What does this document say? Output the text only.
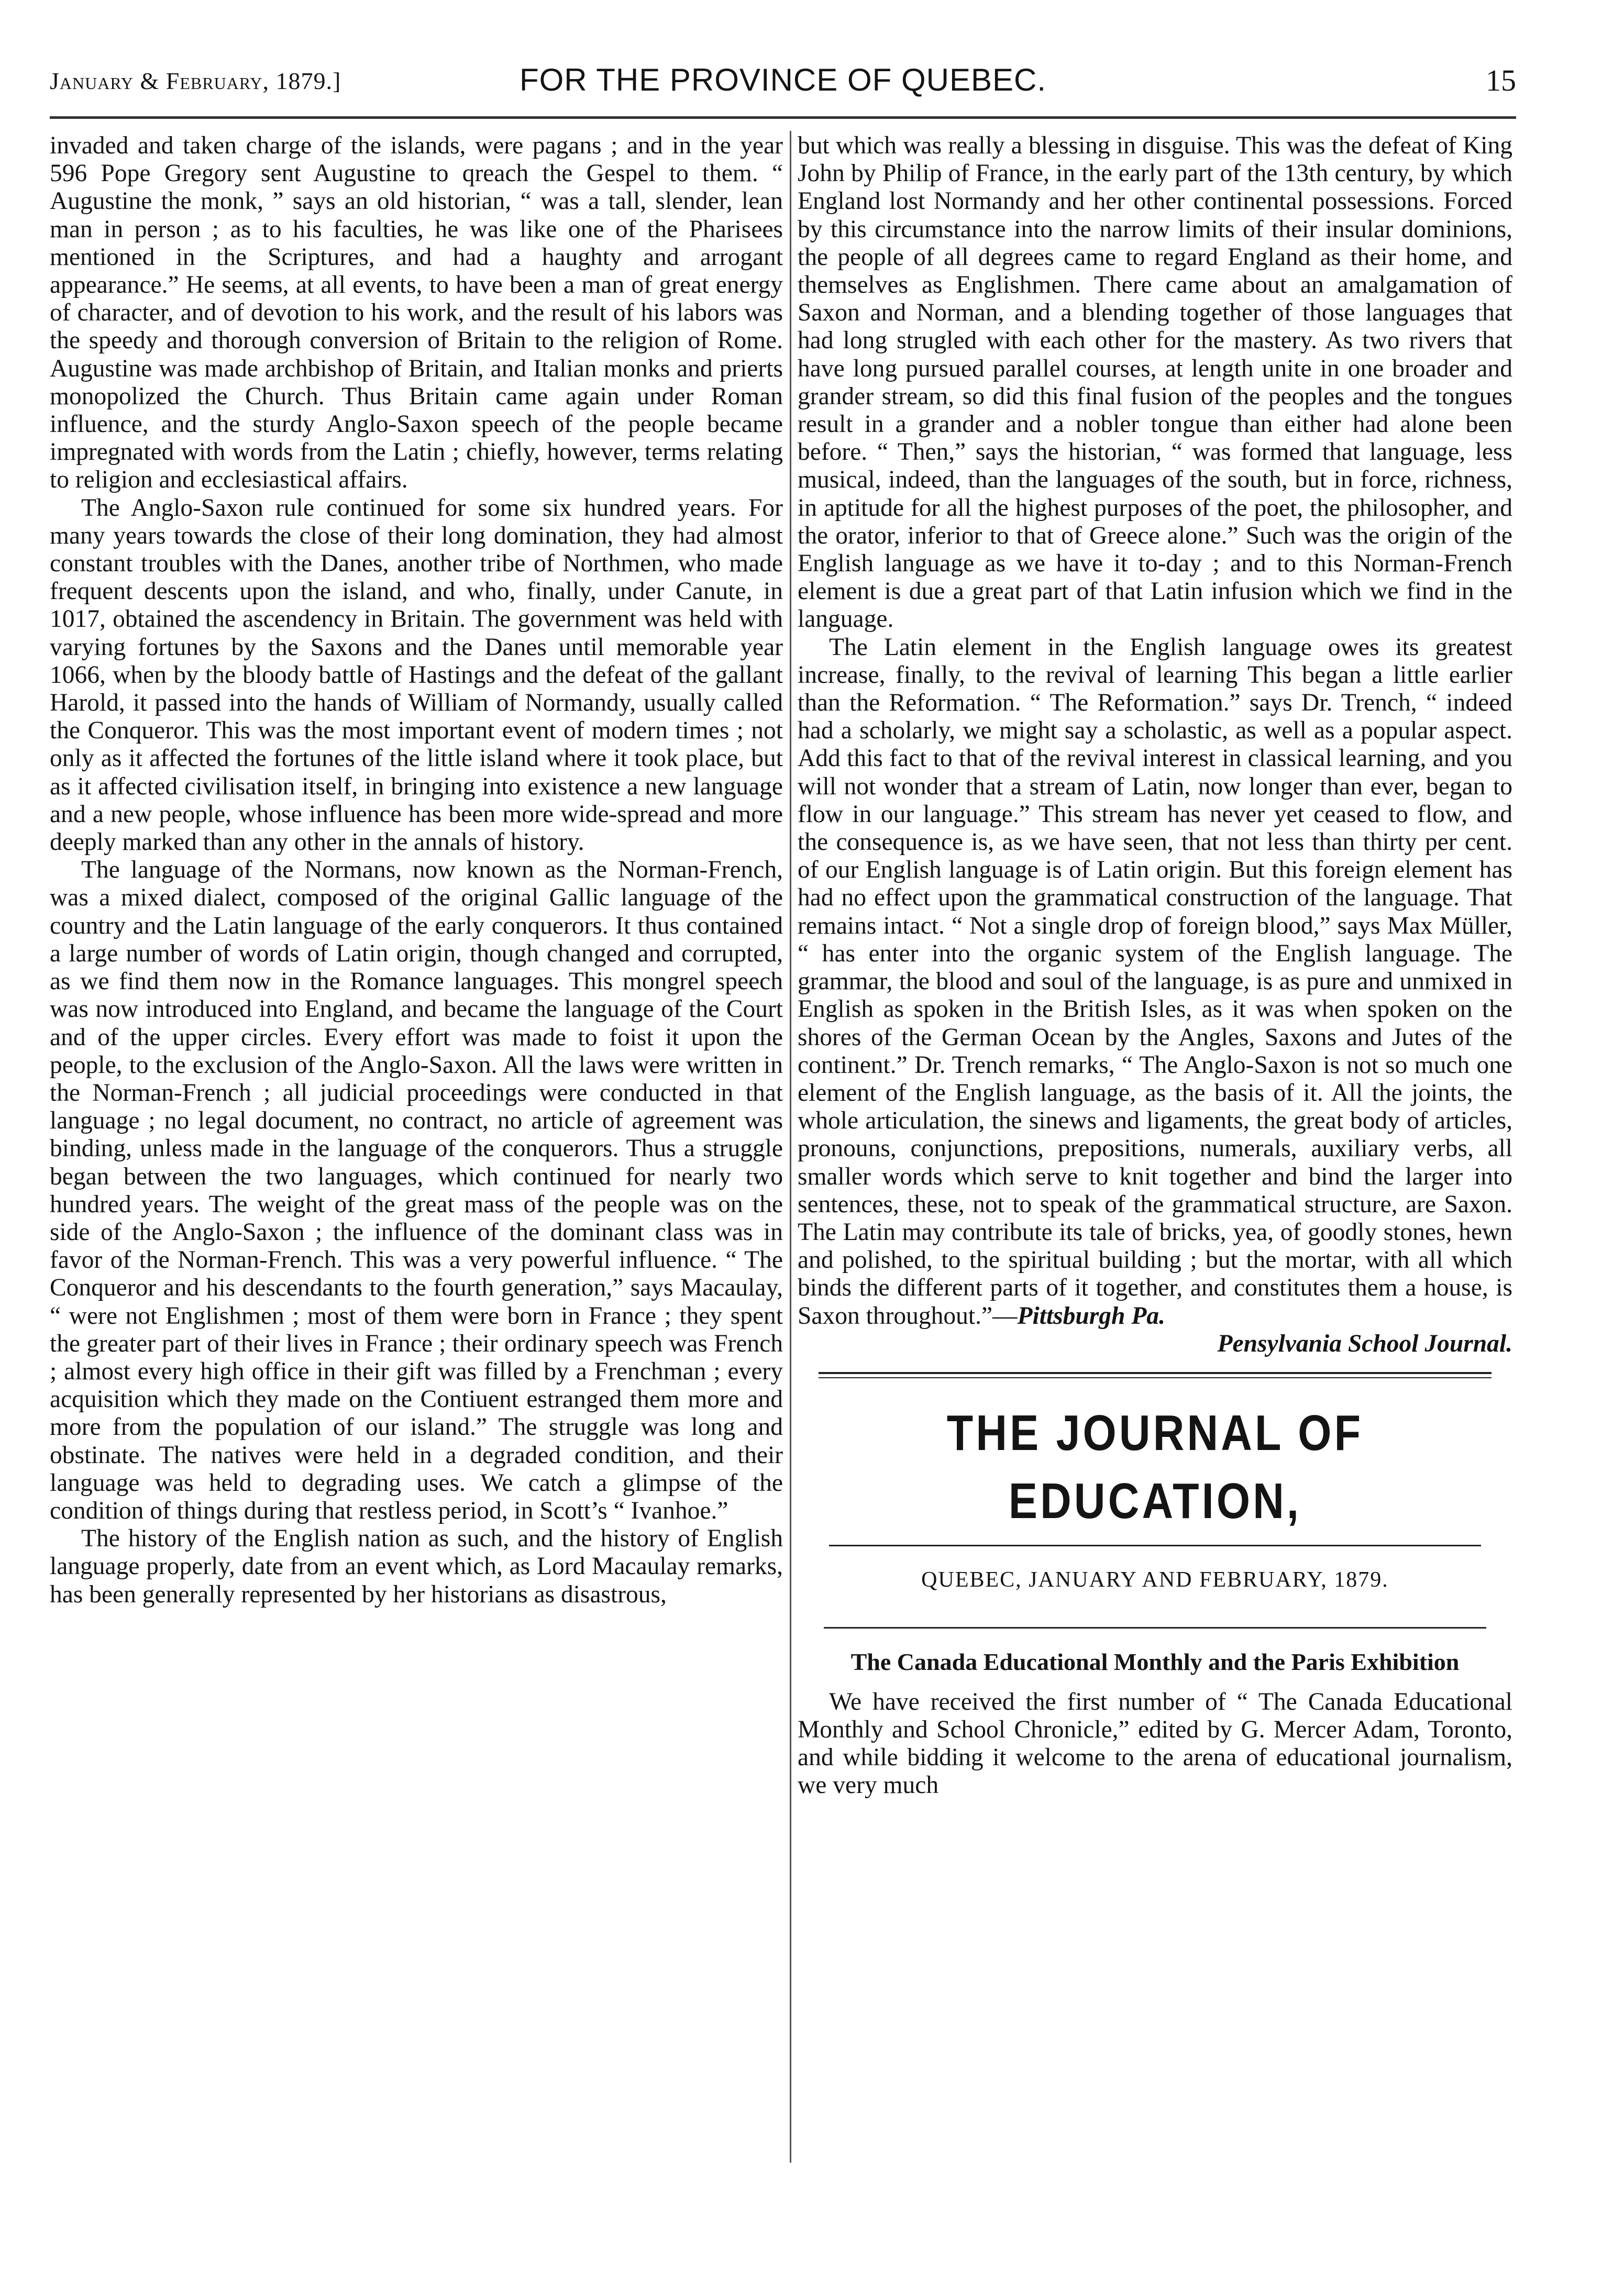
January & February, 1879.]	FOR THE PROVINCE OF QUEBEC.	15

invaded and taken charge of the islands, were pagans ; and in the year 596 Pope Gregory sent Augustine to qreach the Gespel to them. “ Augustine the monk, ” says an old historian, “ was a tall, slender, lean man in person ; as to his faculties, he was like one of the Pharisees mentioned in the Scriptures, and had a haughty and arrogant appearance.” He seems, at all events, to have been a man of great energy of character, and of devotion to his work, and the result of his labors was the speedy and thorough conversion of Britain to the religion of Rome. Augustine was made archbishop of Britain, and Italian monks and prierts monopolized the Church. Thus Britain came again under Roman influence, and the sturdy Anglo-Saxon speech of the people became impregnated with words from the Latin ; chiefly, however, terms relating to religion and ecclesiastical affairs.

The Anglo-Saxon rule continued for some six hundred years. For many years towards the close of their long domination, they had almost constant troubles with the Danes, another tribe of Northmen, who made frequent descents upon the island, and who, finally, under Canute, in 1017, obtained the ascendency in Britain. The government was held with varying fortunes by the Saxons and the Danes until memorable year 1066, when by the bloody battle of Hastings and the defeat of the gallant Harold, it passed into the hands of William of Normandy, usually called the Conqueror. This was the most important event of modern times ; not only as it affected the fortunes of the little island where it took place, but as it affected civilisation itself, in bringing into existence a new language and a new people, whose influence has been more wide-spread and more deeply marked than any other in the annals of history.

The language of the Normans, now known as the Norman-French, was a mixed dialect, composed of the original Gallic language of the country and the Latin language of the early conquerors. It thus contained a large number of words of Latin origin, though changed and corrupted, as we find them now in the Romance languages. This mongrel speech was now introduced into England, and became the language of the Court and of the upper circles. Every effort was made to foist it upon the people, to the exclusion of the Anglo-Saxon. All the laws were written in the Norman-French ; all judicial proceedings were conducted in that language ; no legal document, no contract, no article of agreement was binding, unless made in the language of the conquerors. Thus a struggle began between the two languages, which continued for nearly two hundred years. The weight of the great mass of the people was on the side of the Anglo-Saxon ; the influence of the dominant class was in favor of the Norman-French. This was a very powerful influence. “ The Conqueror and his descendants to the fourth generation,” says Macaulay, “ were not Englishmen ; most of them were born in France ; they spent the greater part of their lives in France ; their ordinary speech was French ; almost every high office in their gift was filled by a Frenchman ; every acquisition which they made on the Contiuent estranged them more and more from the population of our island.” The struggle was long and obstinate. The natives were held in a degraded condition, and their language was held to degrading uses. We catch a glimpse of the condition of things during that restless period, in Scott’s “ Ivanhoe.”

The history of the English nation as such, and the history of English language properly, date from an event which, as Lord Macaulay remarks, has been generally represented by her historians as disastrous,

but which was really a blessing in disguise. This was the defeat of King John by Philip of France, in the early part of the 13th century, by which England lost Normandy and her other continental possessions. Forced by this circumstance into the narrow limits of their insular dominions, the people of all degrees came to regard England as their home, and themselves as Englishmen. There came about an amalgamation of Saxon and Norman, and a blending together of those languages that had long strugled with each other for the mastery. As two rivers that have long pursued parallel courses, at length unite in one broader and grander stream, so did this final fusion of the peoples and the tongues result in a grander and a nobler tongue than either had alone been before. “ Then,” says the historian, “ was formed that language, less musical, indeed, than the languages of the south, but in force, richness, in aptitude for all the highest purposes of the poet, the philosopher, and the orator, inferior to that of Greece alone.” Such was the origin of the English language as we have it to-day ; and to this Norman-French element is due a great part of that Latin infusion which we find in the language.

The Latin element in the English language owes its greatest increase, finally, to the revival of learning This began a little earlier than the Reformation. “ The Reformation.” says Dr. Trench, “ indeed had a scholarly, we might say a scholastic, as well as a popular aspect. Add this fact to that of the revival interest in classical learning, and you will not wonder that a stream of Latin, now longer than ever, began to flow in our language.” This stream has never yet ceased to flow, and the consequence is, as we have seen, that not less than thirty per cent. of our English language is of Latin origin. But this foreign element has had no effect upon the grammatical construction of the language. That remains intact. “ Not a single drop of foreign blood,” says Max Müller, “ has enter into the organic system of the English language. The grammar, the blood and soul of the language, is as pure and unmixed in English as spoken in the British Isles, as it was when spoken on the shores of the German Ocean by the Angles, Saxons and Jutes of the continent.” Dr. Trench remarks, “ The Anglo-Saxon is not so much one element of the English language, as the basis of it. All the joints, the whole articulation, the sinews and ligaments, the great body of articles, pronouns, conjunctions, prepositions, numerals, auxiliary verbs, all smaller words which serve to knit together and bind the larger into sentences, these, not to speak of the grammatical structure, are Saxon. The Latin may contribute its tale of bricks, yea, of goodly stones, hewn and polished, to the spiritual building ; but the mortar, with all which binds the different parts of it together, and constitutes them a house, is Saxon throughout.”—Pittsburgh Pa.

Pensylvania School Journal.
THE JOURNAL OF EDUCATION,
QUEBEC, JANUARY AND FEBRUARY, 1879.
The Canada Educational Monthly and the Paris Exhibition

We have received the first number of “ The Canada Educational Monthly and School Chronicle,” edited by G. Mercer Adam, Toronto, and while bidding it welcome to the arena of educational journalism, we very much
